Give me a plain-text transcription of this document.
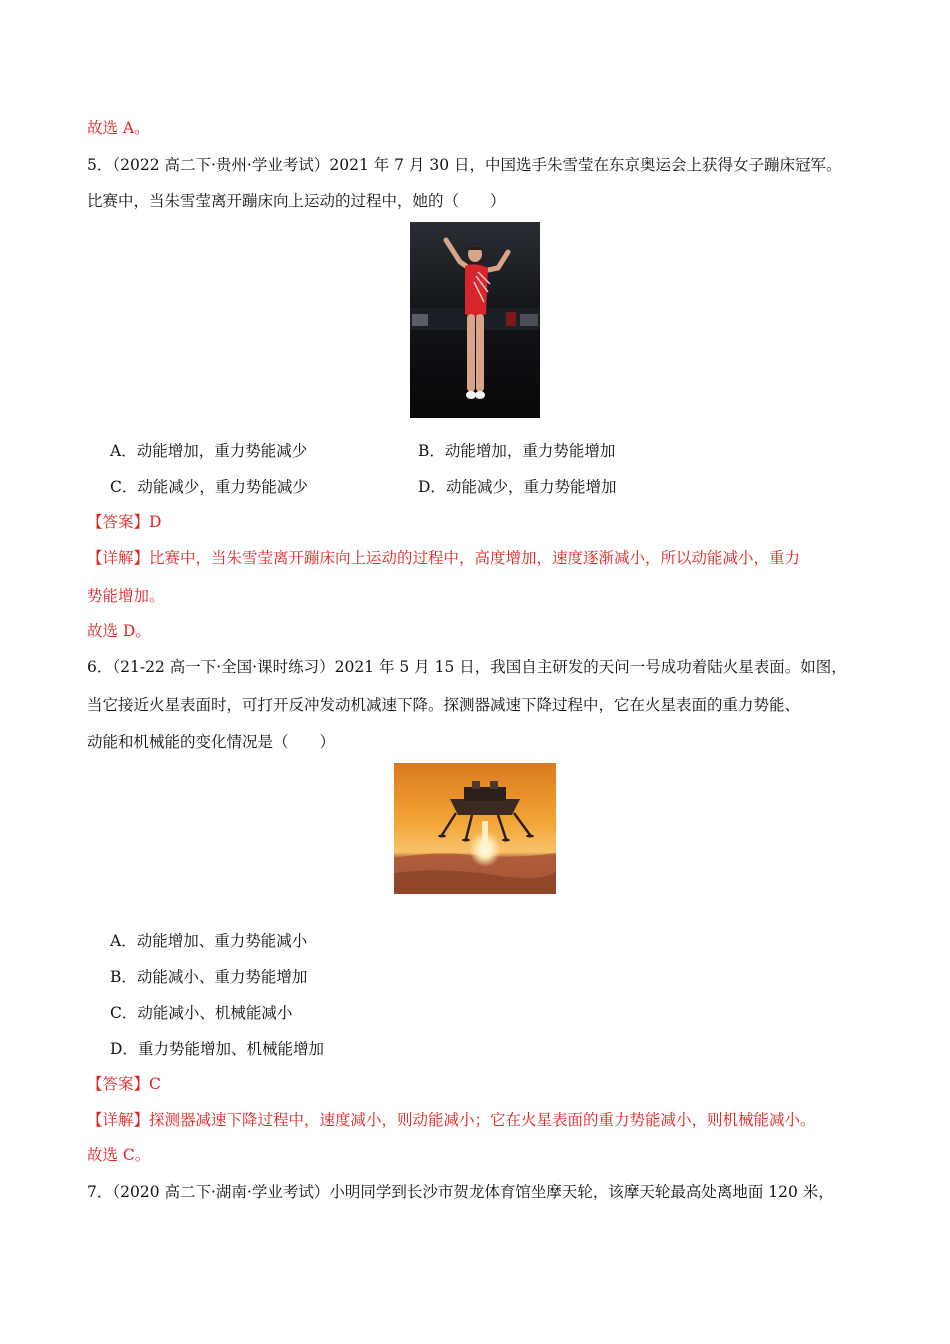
故选 A。
5．（2022 高二下·贵州·学业考试）2021 年 7 月 30 日，中国选手朱雪莹在东京奥运会上获得女子蹦床冠军。
比赛中，当朱雪莹离开蹦床向上运动的过程中，她的（　　）
A．动能增加，重力势能减少	B．动能增加，重力势能增加
C．动能减少，重力势能减少	D．动能减少，重力势能增加
【答案】D
【详解】比赛中，当朱雪莹离开蹦床向上运动的过程中，高度增加，速度逐渐减小，所以动能减小，重力
势能增加。
故选 D。
6．（21-22 高一下·全国·课时练习）2021 年 5 月 15 日，我国自主研发的天问一号成功着陆火星表面。如图，
当它接近火星表面时，可打开反冲发动机减速下降。探测器减速下降过程中，它在火星表面的重力势能、
动能和机械能的变化情况是（　　）
A．动能增加、重力势能减小
B．动能减小、重力势能增加
C．动能减小、机械能减小
D．重力势能增加、机械能增加
【答案】C
【详解】探测器减速下降过程中，速度减小，则动能减小；它在火星表面的重力势能减小，则机械能减小。
故选 C。
7．（2020 高二下·湖南·学业考试）小明同学到长沙市贺龙体育馆坐摩天轮，该摩天轮最高处离地面 120 米，
